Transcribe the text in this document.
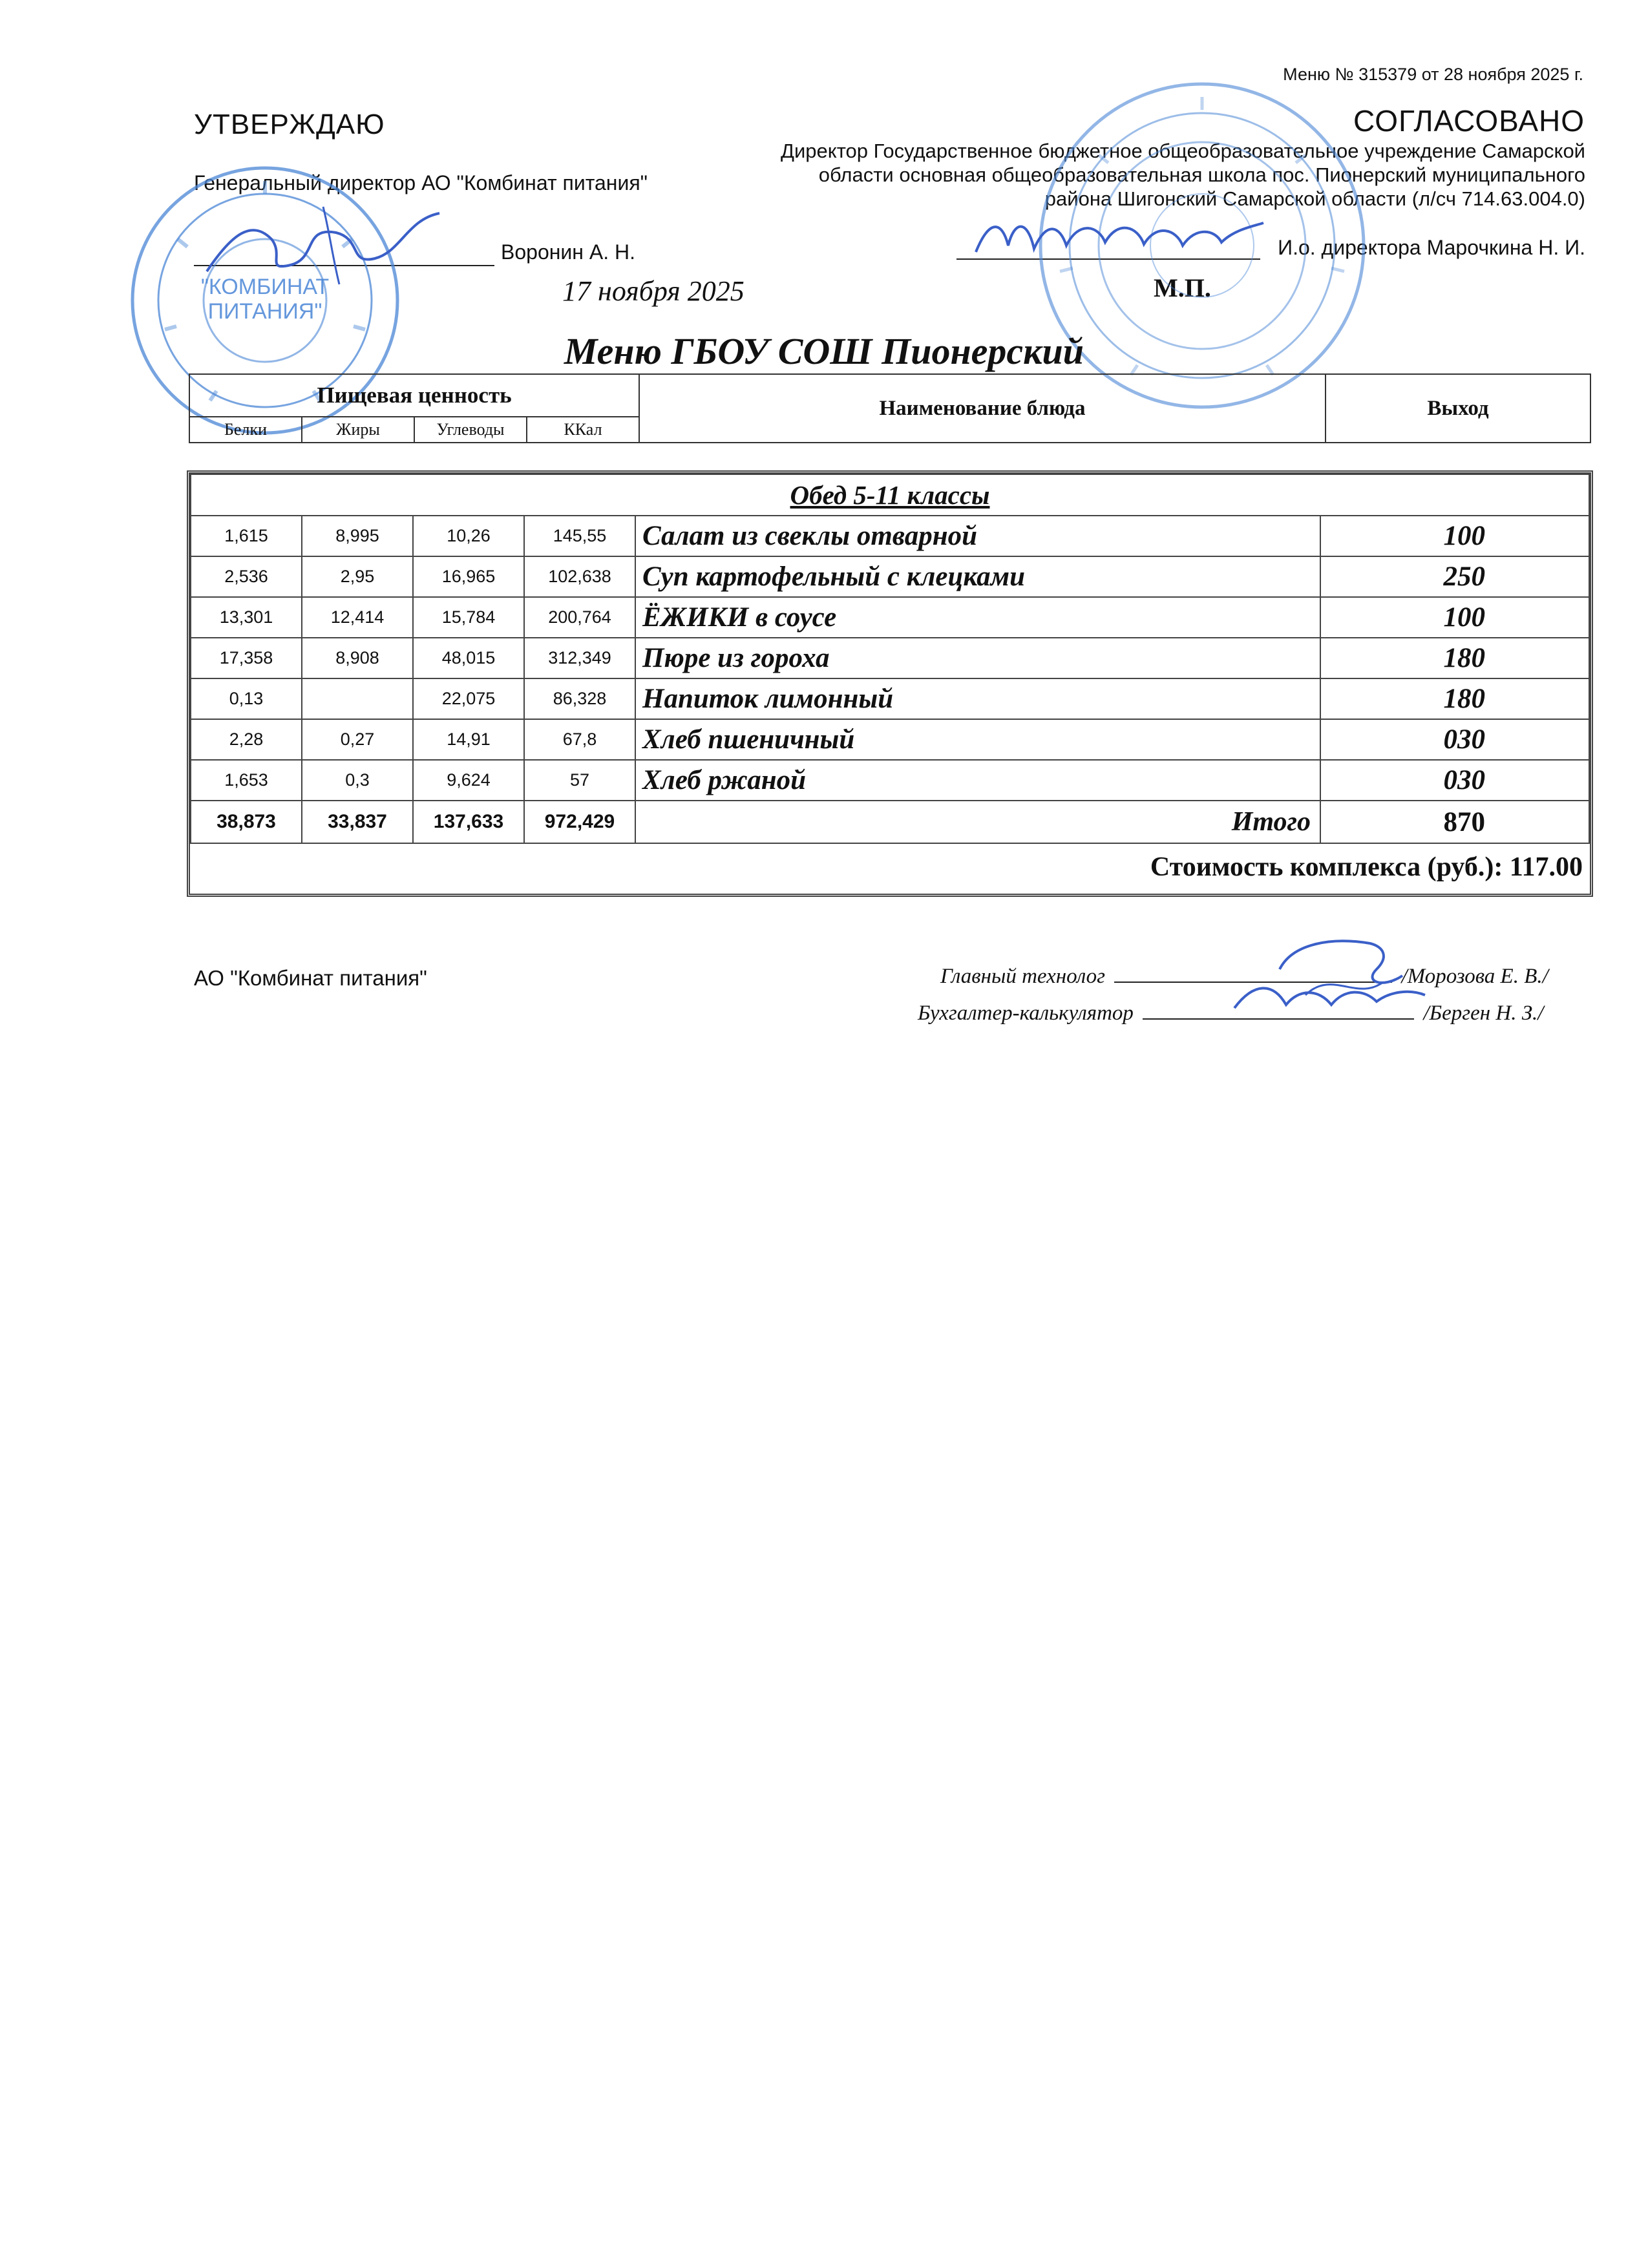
Меню № 315379 от 28 ноября 2025 г.
УТВЕРЖДАЮ
Генеральный директор АО "Комбинат питания"
Воронин А. Н.
17 ноября 2025
"КОМБИНАТ
ПИТАНИЯ"
СОГЛАСОВАНО
Директор Государственное бюджетное общеобразовательное учреждение Самарской области основная общеобразовательная школа пос. Пионерский муниципального района Шигонский Самарской области (л/сч 714.63.004.0)
И.о. директора Марочкина Н. И.
М.П.
Меню ГБОУ СОШ Пионерский
Пищевая ценность				Наименование блюда	Выход
Белки	Жиры	Углеводы	ККал		
Обед 5-11 классы					
1,615	8,995	10,26	145,55	Салат из свеклы отварной	100
2,536	2,95	16,965	102,638	Суп картофельный с клецками	250
13,301	12,414	15,784	200,764	ЁЖИКИ в соусе	100
17,358	8,908	48,015	312,349	Пюре из гороха	180
0,13		22,075	86,328	Напиток лимонный	180
2,28	0,27	14,91	67,8	Хлеб пшеничный	030
1,653	0,3	9,624	57	Хлеб ржаной	030
38,873	33,837	137,633	972,429	Итого	870
Стоимость комплекса (руб.): 117.00					
АО "Комбинат питания"	Главный технолог	/Морозова Е. В./
Бухгалтер-калькулятор	/Берген Н. З./
